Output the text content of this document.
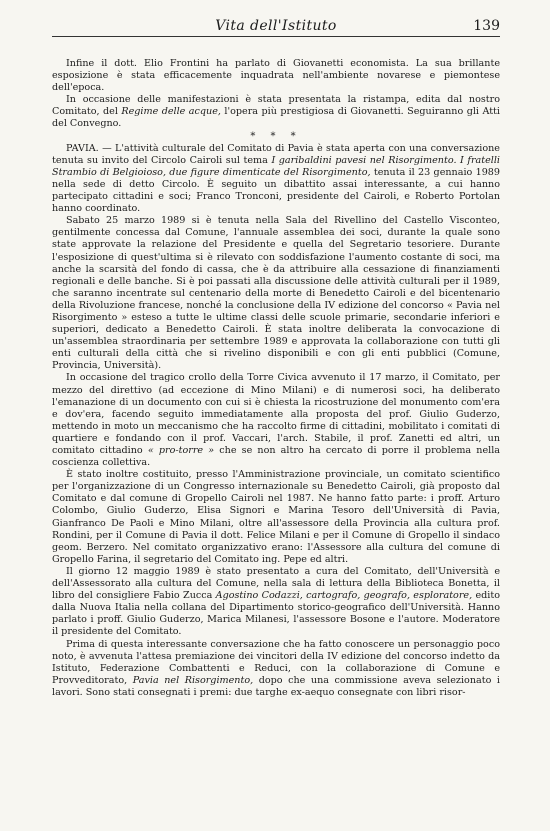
Vita dell'Istituto	139

Infine il dott. Elio Frontini ha parlato di Giovanetti economista. La sua brillante esposizione è stata efficacemente inquadrata nell'ambiente novarese e piemontese dell'epoca.

In occasione delle manifestazioni è stata presentata la ristampa, edita dal nostro Comitato, del Regime delle acque, l'opera più prestigiosa di Giovanetti. Seguiranno gli Atti del Convegno.

* * *

PAVIA. — L'attività culturale del Comitato di Pavia è stata aperta con una conversazione tenuta su invito del Circolo Cairoli sul tema I garibaldini pavesi nel Risorgimento. I fratelli Strambio di Belgioioso, due figure dimenticate del Risorgimento, tenuta il 23 gennaio 1989 nella sede di detto Circolo. È seguito un dibattito assai interessante, a cui hanno partecipato cittadini e soci; Franco Tronconi, presidente del Cairoli, e Roberto Portolan hanno coordinato.

Sabato 25 marzo 1989 si è tenuta nella Sala del Rivellino del Castello Visconteo, gentilmente concessa dal Comune, l'annuale assemblea dei soci, durante la quale sono state approvate la relazione del Presidente e quella del Segretario tesoriere. Durante l'esposizione di quest'ultima si è rilevato con soddisfazione l'aumento costante di soci, ma anche la scarsità del fondo di cassa, che è da attribuire alla cessazione di finanziamenti regionali e delle banche. Si è poi passati alla discussione delle attività culturali per il 1989, che saranno incentrate sul centenario della morte di Benedetto Cairoli e del bicentenario della Rivoluzione francese, nonché la conclusione della IV edizione del concorso « Pavia nel Risorgimento » esteso a tutte le ultime classi delle scuole primarie, secondarie inferiori e superiori, dedicato a Benedetto Cairoli. È stata inoltre deliberata la convocazione di un'assemblea straordinaria per settembre 1989 e approvata la collaborazione con tutti gli enti culturali della città che si rivelino disponibili e con gli enti pubblici (Comune, Provincia, Università).

In occasione del tragico crollo della Torre Civica avvenuto il 17 marzo, il Comitato, per mezzo del direttivo (ad eccezione di Mino Milani) e di numerosi soci, ha deliberato l'emanazione di un documento con cui si è chiesta la ricostruzione del monumento com'era e dov'era, facendo seguito immediatamente alla proposta del prof. Giulio Guderzo, mettendo in moto un meccanismo che ha raccolto firme di cittadini, mobilitato i comitati di quartiere e fondando con il prof. Vaccari, l'arch. Stabile, il prof. Zanetti ed altri, un comitato cittadino « pro-torre » che se non altro ha cercato di porre il problema nella coscienza collettiva.

È stato inoltre costituito, presso l'Amministrazione provinciale, un comitato scientifico per l'organizzazione di un Congresso internazionale su Benedetto Cairoli, già proposto dal Comitato e dal comune di Gropello Cairoli nel 1987. Ne hanno fatto parte: i proff. Arturo Colombo, Giulio Guderzo, Elisa Signori e Marina Tesoro dell'Università di Pavia, Gianfranco De Paoli e Mino Milani, oltre all'assessore della Provincia alla cultura prof. Rondini, per il Comune di Pavia il dott. Felice Milani e per il Comune di Gropello il sindaco geom. Berzero. Nel comitato organizzativo erano: l'Assessore alla cultura del comune di Gropello Farina, il segretario del Comitato ing. Pepe ed altri.

Il giorno 12 maggio 1989 è stato presentato a cura del Comitato, dell'Università e dell'Assessorato alla cultura del Comune, nella sala di lettura della Biblioteca Bonetta, il libro del consigliere Fabio Zucca Agostino Codazzi, cartografo, geografo, esploratore, edito dalla Nuova Italia nella collana del Dipartimento storico-geografico dell'Università. Hanno parlato i proff. Giulio Guderzo, Marica Milanesi, l'assessore Bosone e l'autore. Moderatore il presidente del Comitato.

Prima di questa interessante conversazione che ha fatto conoscere un personaggio poco noto, è avvenuta l'attesa premiazione dei vincitori della IV edizione del concorso indetto da Istituto, Federazione Combattenti e Reduci, con la collaborazione di Comune e Provveditorato, Pavia nel Risorgimento, dopo che una commissione aveva selezionato i lavori. Sono stati consegnati i premi: due targhe ex-aequo consegnate con libri risor-
